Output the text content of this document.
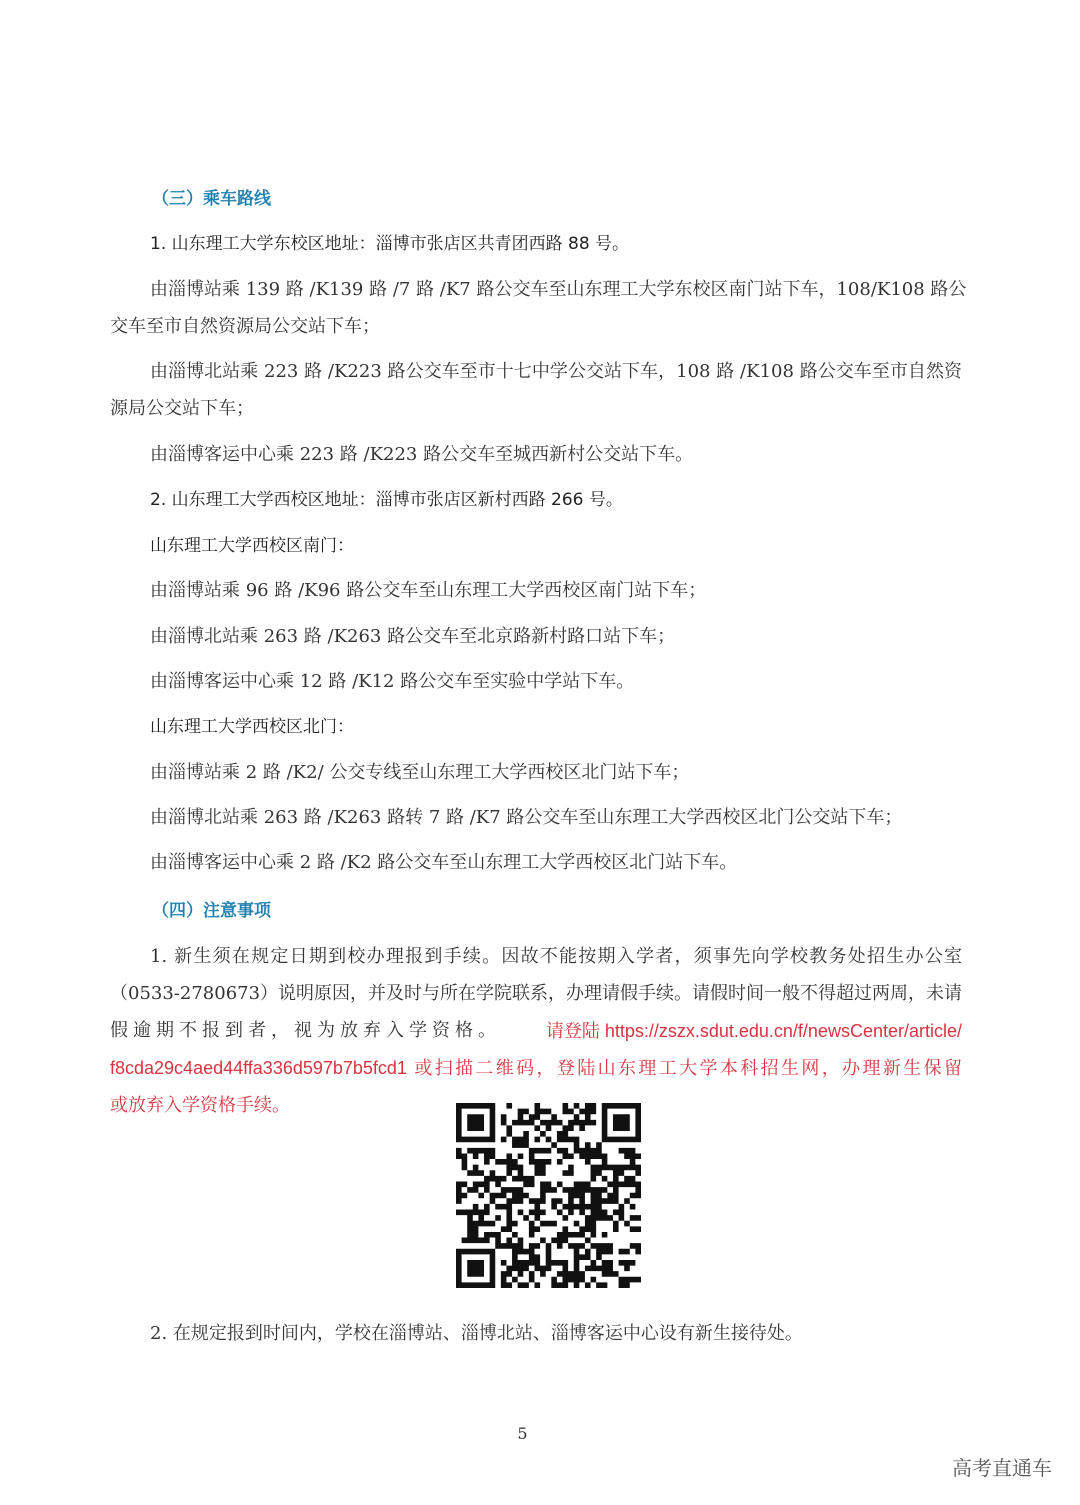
（三）乘车路线
1. 山东理工大学东校区地址：淄博市张店区共青团西路 88 号。
由淄博站乘 139 路 /K139 路 /7 路 /K7 路公交车至山东理工大学东校区南门站下车，108/K108 路公
交车至市自然资源局公交站下车；
由淄博北站乘 223 路 /K223 路公交车至市十七中学公交站下车，108 路 /K108 路公交车至市自然资
源局公交站下车；
由淄博客运中心乘 223 路 /K223 路公交车至城西新村公交站下车。
2. 山东理工大学西校区地址：淄博市张店区新村西路 266 号。
山东理工大学西校区南门：
由淄博站乘 96 路 /K96 路公交车至山东理工大学西校区南门站下车；
由淄博北站乘 263 路 /K263 路公交车至北京路新村路口站下车；
由淄博客运中心乘 12 路 /K12 路公交车至实验中学站下车。
山东理工大学西校区北门：
由淄博站乘 2 路 /K2/ 公交专线至山东理工大学西校区北门站下车；
由淄博北站乘 263 路 /K263 路转 7 路 /K7 路公交车至山东理工大学西校区北门公交站下车；
由淄博客运中心乘 2 路 /K2 路公交车至山东理工大学西校区北门站下车。
（四）注意事项
1. 新生须在规定日期到校办理报到手续。因故不能按期入学者，须事先向学校教务处招生办公室
（0533-2780673）说明原因，并及时与所在学院联系，办理请假手续。请假时间一般不得超过两周，未请
假逾期不报到者，视为放弃入学资格。 请登陆 https://zszx.sdut.edu.cn/f/newsCenter/article/
f8cda29c4aed44ffa336d597b7b5fcd1 或扫描二维码，登陆山东理工大学本科招生网，办理新生保留
或放弃入学资格手续。
2. 在规定报到时间内，学校在淄博站、淄博北站、淄博客运中心设有新生接待处。
5
高考直通车
